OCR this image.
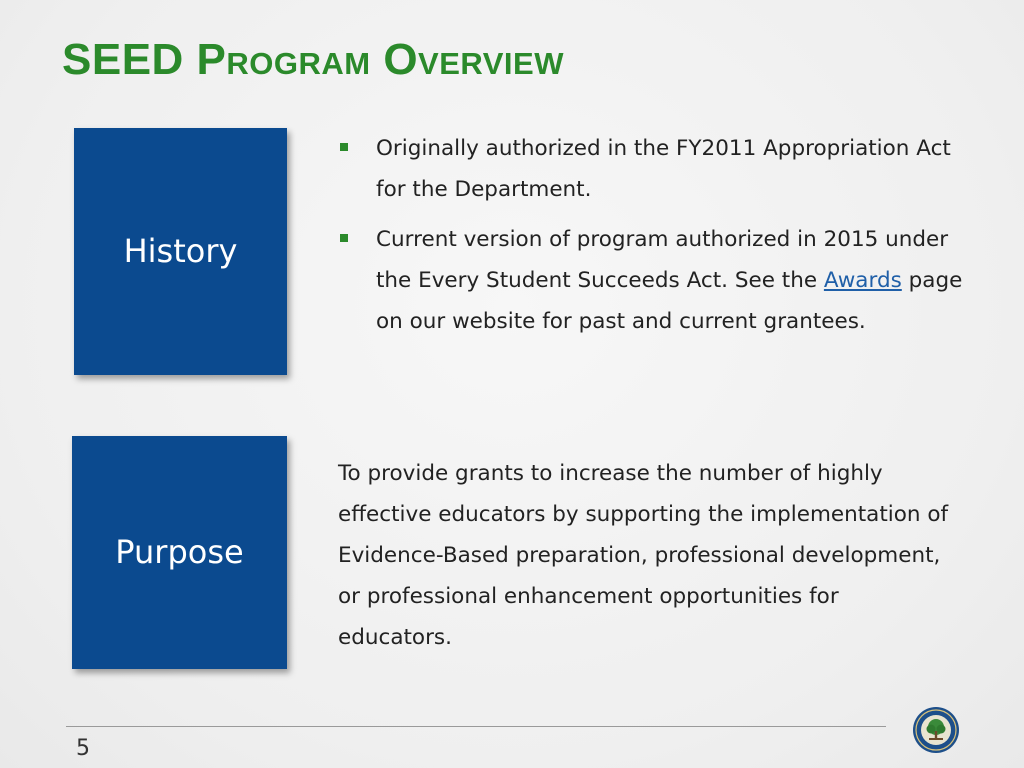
SEED Program Overview
History
Originally authorized in the FY2011 Appropriation Act for the Department.
Current version of program authorized in 2015 under the Every Student Succeeds Act. See the Awards page on our website for past and current grantees.
Purpose

To provide grants to increase the number of highly effective educators by supporting the implementation of Evidence-Based preparation, professional development, or professional enhancement opportunities for educators.

5
